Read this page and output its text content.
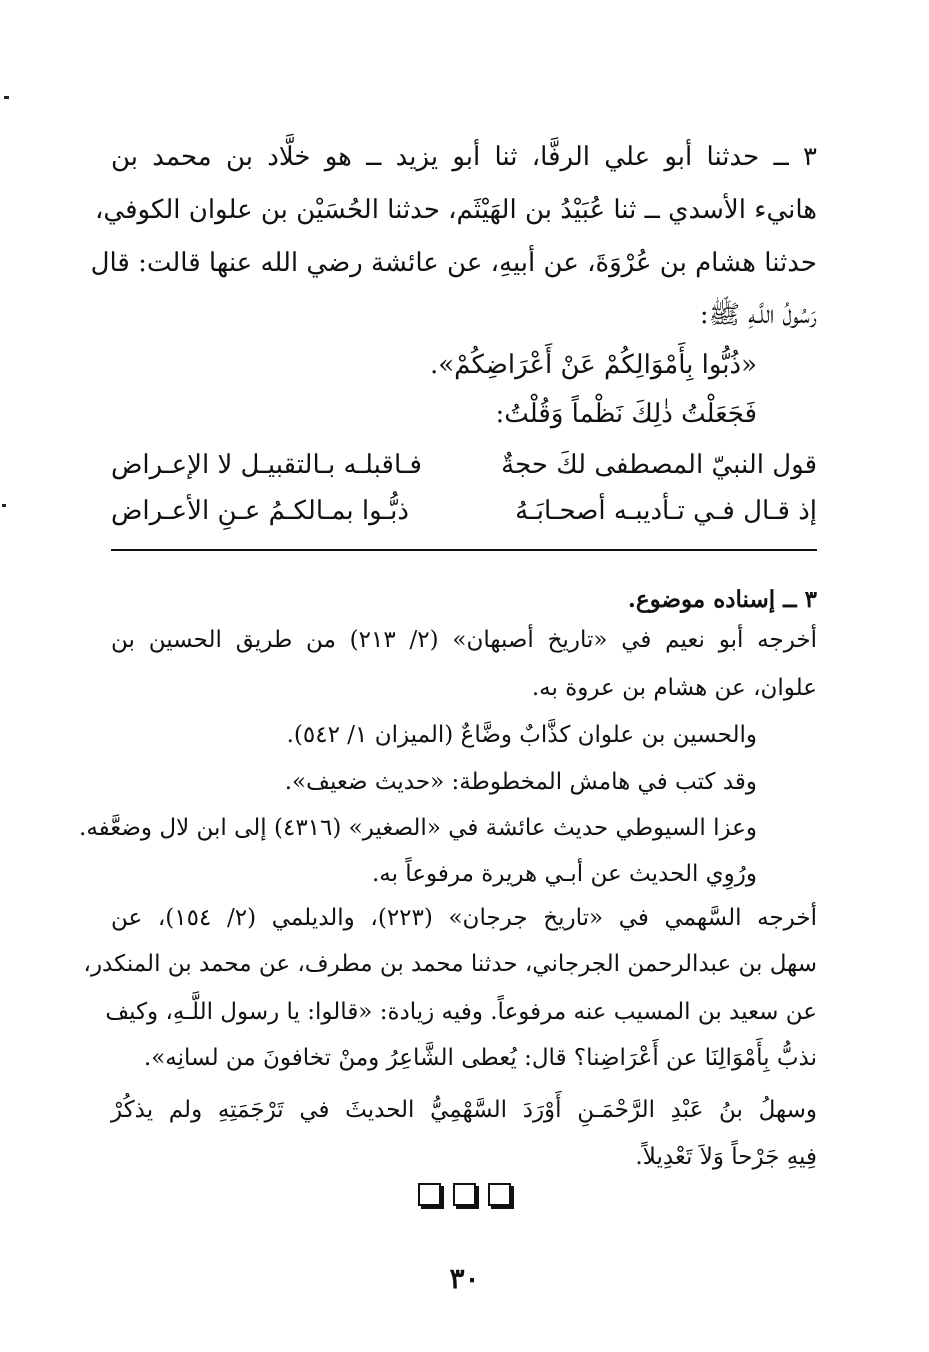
٣ ــ حدثنا أبو علي الرفَّا، ثنا أبو يزيد ــ هو خلَّاد بن محمد بن
هانيء الأسدي ــ ثنا عُبَيْدُ بن الهَيْثَم، حدثنا الحُسَيْن بن علوان الكوفي،
حدثنا هشام بن عُرْوَةَ، عن أبيهِ، عن عائشة رضي الله عنها قالت: قال
رَسُولُ اللَّـهِ ﷺ:
«ذُبُّوا بِأَمْوَالِكُمْ عَنْ أَعْرَاضِكُمْ».
فَجَعَلْتُ ذٰلِكَ نَظْماً وَقُلْتُ:
قول النبيّ المصطفى لكَ حجةٌ
فـاقبلـه بـالتقبيـل لا الإعـراض
إذ قـال فـي تـأديبـه أصحـابَـهُ
ذبُّـوا بمـالكـمُ عـنِ الأعـراض
٣ ــ إسناده موضوع.
أخرجه أبو نعيم في «تاريخ أصبهان» (٢/ ٢١٣) من طريق الحسين بن
علوان، عن هشام بن عروة به.
والحسين بن علوان كذَّابٌ وضَّاعٌ (الميزان ١/ ٥٤٢).
وقد كتب في هامش المخطوطة: «حديث ضعيف».
وعزا السيوطي حديث عائشة في «الصغير» (٤٣١٦) إلى ابن لال وضعَّفه.
ورُوِي الحديث عن أبـي هريرة مرفوعاً به.
أخرجه السَّهمي في «تاريخ جرجان» (٢٢٣)، والديلمي (٢/ ١٥٤)، عن
سهل بن عبدالرحمن الجرجاني، حدثنا محمد بن مطرف، عن محمد بن المنكدر،
عن سعيد بن المسيب عنه مرفوعاً. وفيه زيادة: «قالوا: يا رسول اللَّـهِ، وكيف
نذبُّ بِأَمْوَالِنَا عن أَعْرَاضِنا؟ قال: يُعطى الشَّاعِرُ ومنْ تخافونَ من لسانِه».
وسهلُ بنُ عَبْدِ الرَّحْمَـنِ أَوْرَدَ السَّهْمِيُّ الحديثَ في تَرْجَمَتِهِ ولم يذكُرْ
فِيهِ جَرْحاً وَلاَ تَعْدِيلاً.
٣٠
